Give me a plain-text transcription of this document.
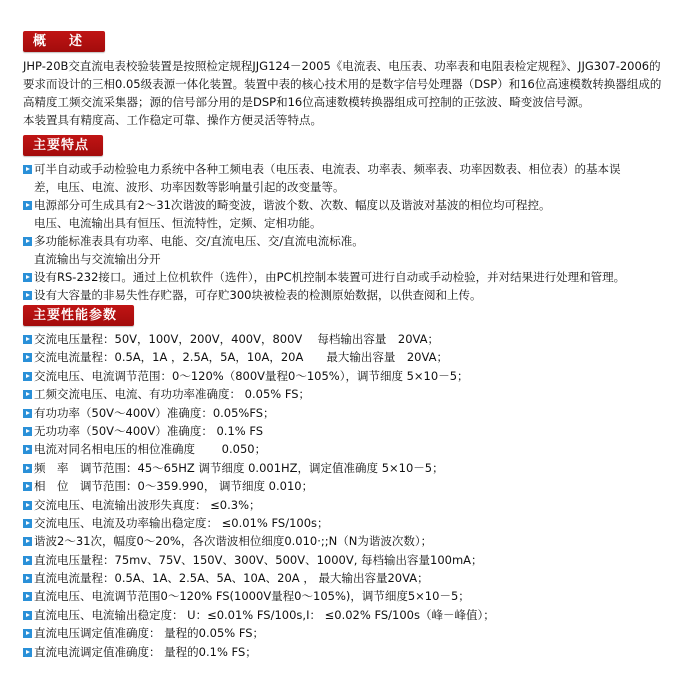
概 述
JHP-20B交直流电表校验装置是按照检定规程JJG124－2005《电流表、电压表、功率表和电阻表检定规程》、JJG307-2006的
要求而设计的三相0.05级表源一体化装置。装置中表的核心技术用的是数字信号处理器（DSP）和16位高速模数转换器组成的
高精度工频交流采集器；源的信号部分用的是DSP和16位高速数模转换器组成可控制的正弦波、畸变波信号源。
本装置具有精度高、工作稳定可靠、操作方便灵活等特点。
主要特点
可半自动或手动检验电力系统中各种工频电表（电压表、电流表、功率表、频率表、功率因数表、相位表）的基本误
差，电压、电流、波形、功率因数等影响量引起的改变量等。
电源部分可生成具有2～31次谐波的畸变波，谐波个数、次数、幅度以及谐波对基波的相位均可程控。
电压、电流输出具有恒压、恒流特性，定频、定相功能。
多功能标准表具有功率、电能、交/直流电压、交/直流电流标准。
直流输出与交流输出分开
设有RS-232接口。通过上位机软件（选件），由PC机控制本装置可进行自动或手动检验，并对结果进行处理和管理。
设有大容量的非易失性存贮器，可存贮300块被检表的检测原始数据，以供查阅和上传。
主要性能参数
交流电压量程：50V，100V，200V，400V，800V　 每档输出容量　20VA；
交流电流量程：0.5A，1A ，2.5A，5A，10A，20A　　最大输出容量　20VA；
交流电压、电流调节范围：0～120%（800V量程0～105%），调节细度 5×10－5；
工频交流电压、电流、有功功率准确度： 0.05% FS；
有功功率（50V～400V）准确度：0.05%FS；
无功功率（50V～400V）准确度： 0.1% FS
电流对同名相电压的相位准确度　　 0.050；
频　率　调节范围：45～65HZ 调节细度 0.001HZ，调定值准确度 5×10－5；
相　位　调节范围：0～359.990， 调节细度 0.010；
交流电压、电流输出波形失真度： ≤0.3%；
交流电压、电流及功率输出稳定度： ≤0.01% FS/100s；
谐波2～31次，幅度0～20%，各次谐波相位细度0.010·;;N（N为谐波次数）；
直流电压量程：75mv、75V、150V、300V、500V、1000V, 每档输出容量100mA；
直流电流量程：0.5A、1A、2.5A、5A、10A、20A ， 最大输出容量20VA；
直流电压、电流调节范围0～120% FS(1000V量程0～105%)，调节细度5×10－5；
直流电压、电流输出稳定度： U：≤0.01% FS/100s,I： ≤0.02% FS/100s（峰－峰值）；
直流电压调定值准确度： 量程的0.05% FS；
直流电流调定值准确度： 量程的0.1% FS；
